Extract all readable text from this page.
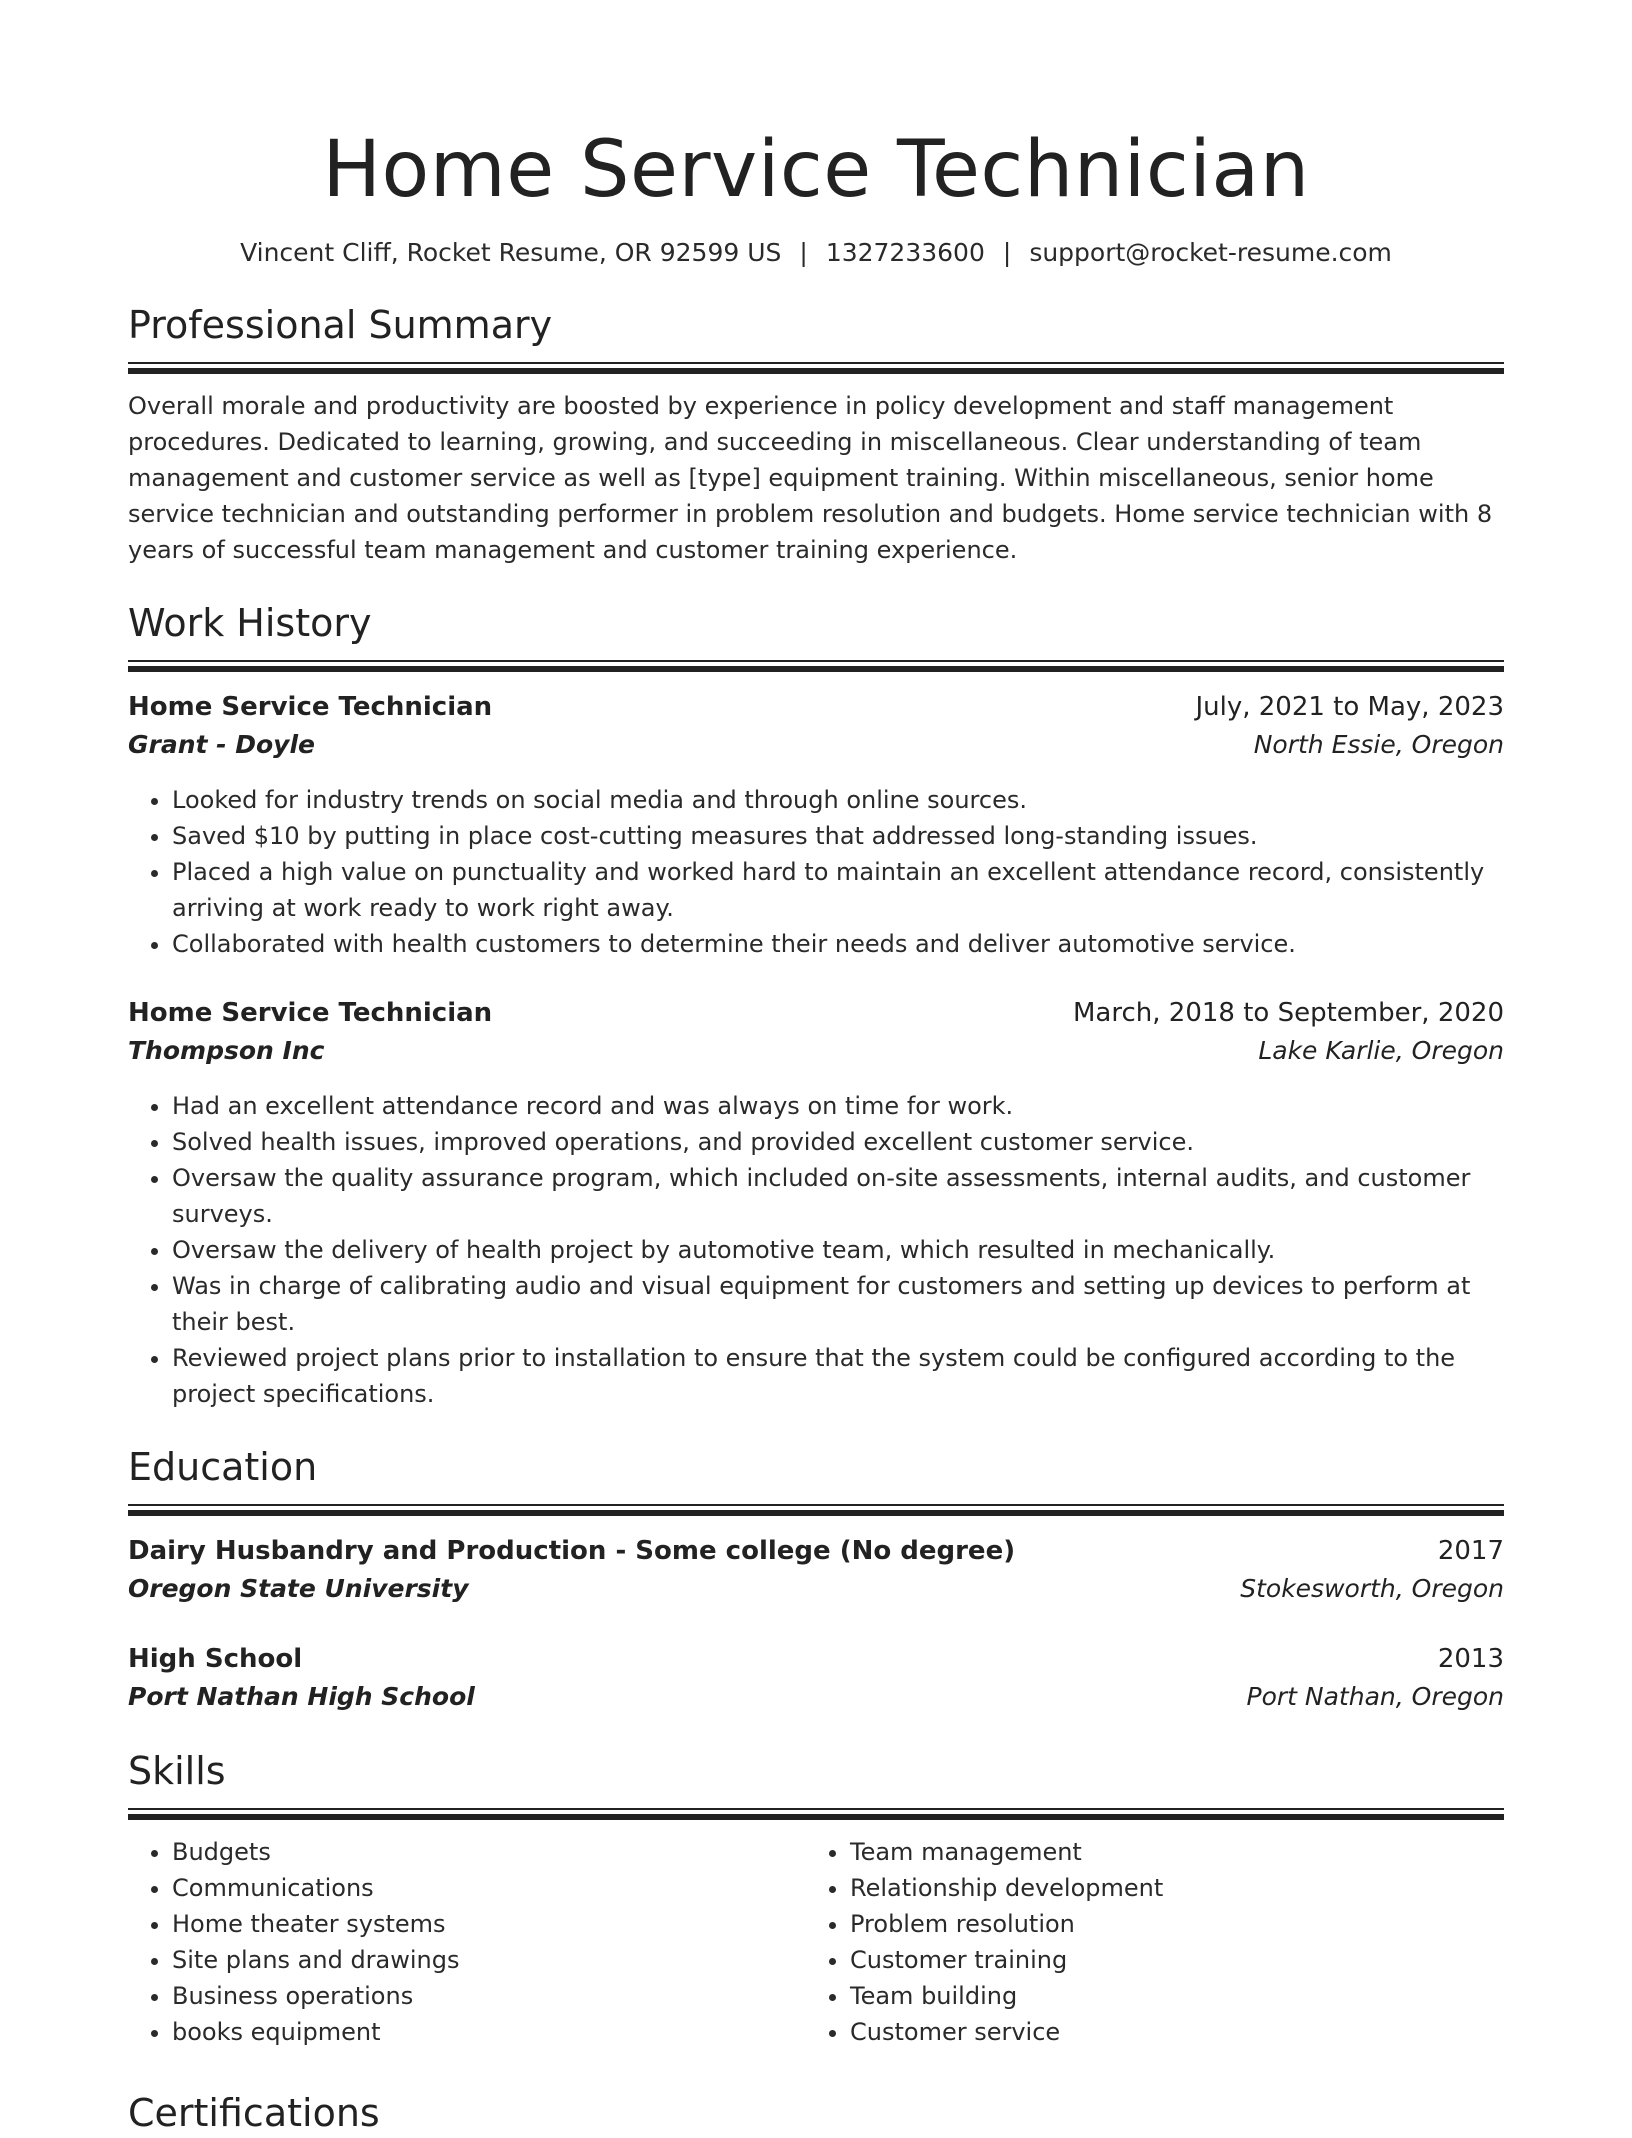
Home Service Technician
Vincent Cliff, Rocket Resume, OR 92599 US | 1327233600 | support@rocket-resume.com
Professional Summary
Overall morale and productivity are boosted by experience in policy development and staff management procedures. Dedicated to learning, growing, and succeeding in miscellaneous. Clear understanding of team management and customer service as well as [type] equipment training. Within miscellaneous, senior home service technician and outstanding performer in problem resolution and budgets. Home service technician with 8 years of successful team management and customer training experience.
Work History
Home Service Technician	July, 2021 to May, 2023
Grant - Doyle	North Essie, Oregon
• Looked for industry trends on social media and through online sources.
• Saved $10 by putting in place cost-cutting measures that addressed long-standing issues.
• Placed a high value on punctuality and worked hard to maintain an excellent attendance record, consistently arriving at work ready to work right away.
• Collaborated with health customers to determine their needs and deliver automotive service.
Home Service Technician	March, 2018 to September, 2020
Thompson Inc	Lake Karlie, Oregon
• Had an excellent attendance record and was always on time for work.
• Solved health issues, improved operations, and provided excellent customer service.
• Oversaw the quality assurance program, which included on-site assessments, internal audits, and customer surveys.
• Oversaw the delivery of health project by automotive team, which resulted in mechanically.
• Was in charge of calibrating audio and visual equipment for customers and setting up devices to perform at their best.
• Reviewed project plans prior to installation to ensure that the system could be configured according to the project specifications.
Education
Dairy Husbandry and Production - Some college (No degree)	2017
Oregon State University	Stokesworth, Oregon
High School	2013
Port Nathan High School	Port Nathan, Oregon
Skills
• Budgets
• Communications
• Home theater systems
• Site plans and drawings
• Business operations
• books equipment
• Team management
• Relationship development
• Problem resolution
• Customer training
• Team building
• Customer service
Certifications
